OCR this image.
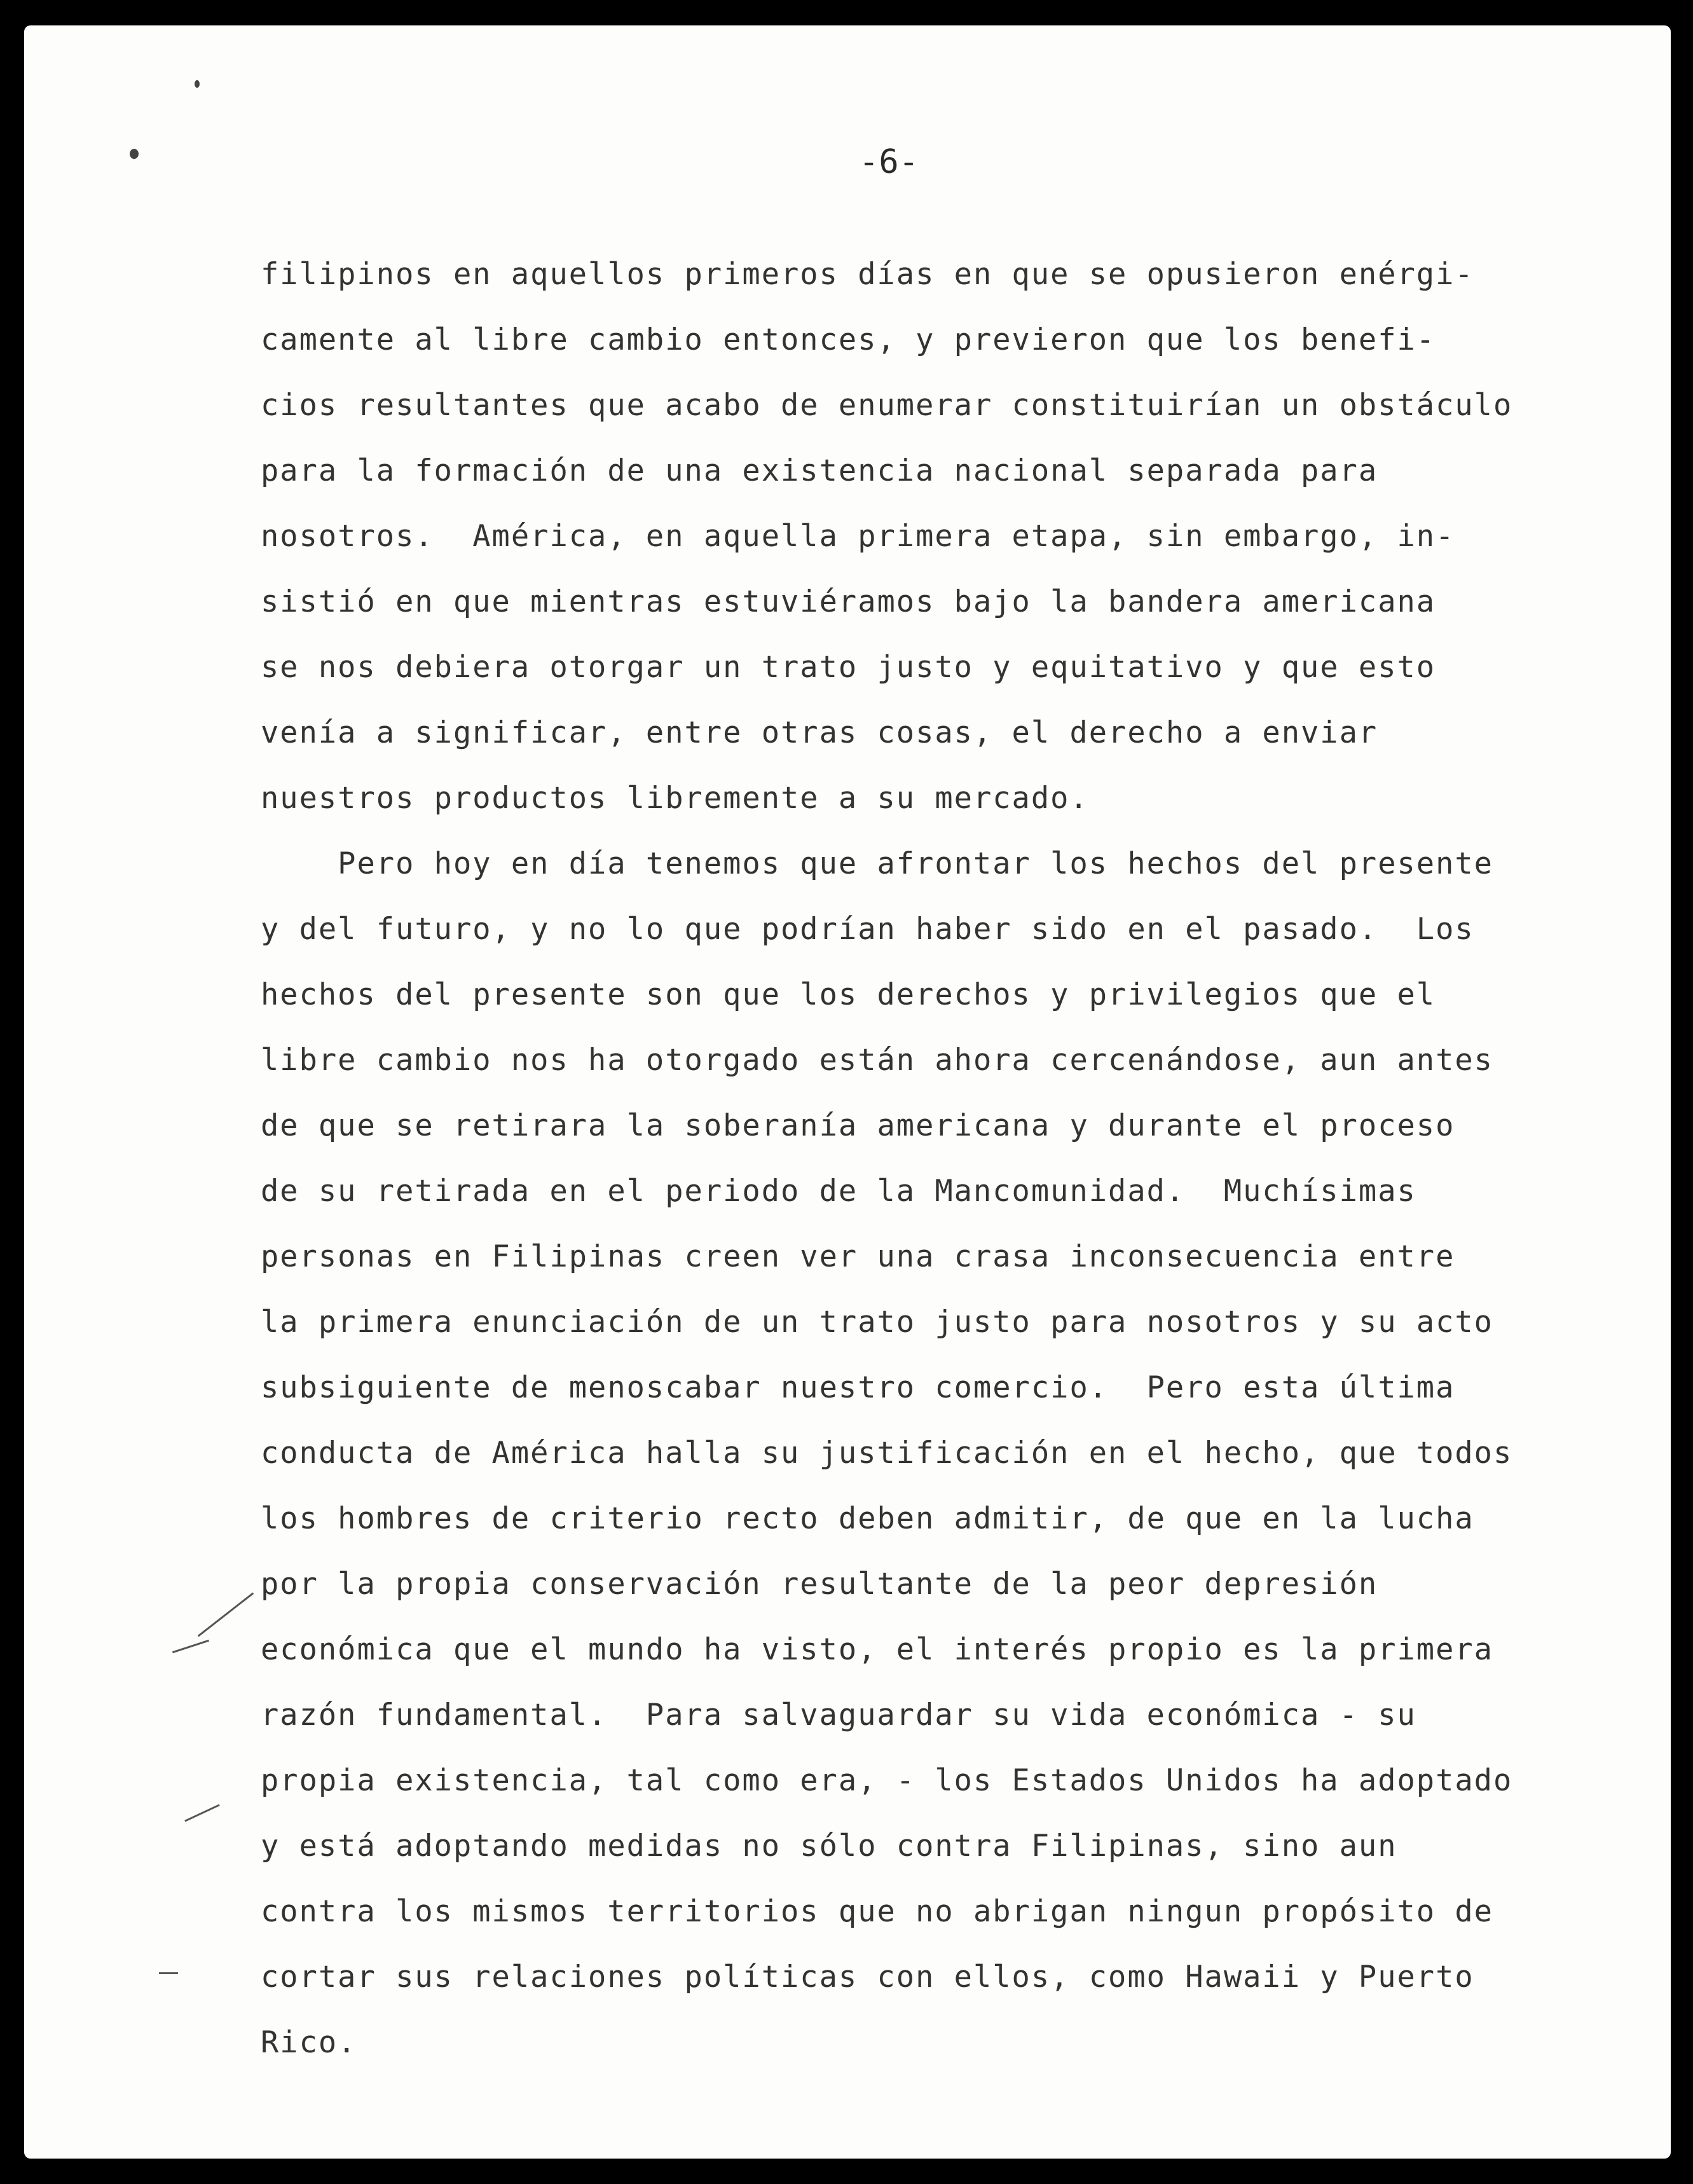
-6-

filipinos en aquellos primeros días en que se opusieron enérgi-
camente al libre cambio entonces, y previeron que los benefi-
cios resultantes que acabo de enumerar constituirían un obstáculo
para la formación de una existencia nacional separada para
nosotros.  América, en aquella primera etapa, sin embargo, in-
sistió en que mientras estuviéramos bajo la bandera americana
se nos debiera otorgar un trato justo y equitativo y que esto
venía a significar, entre otras cosas, el derecho a enviar
nuestros productos libremente a su mercado.
Pero hoy en día tenemos que afrontar los hechos del presente
y del futuro, y no lo que podrían haber sido en el pasado.  Los
hechos del presente son que los derechos y privilegios que el
libre cambio nos ha otorgado están ahora cercenándose, aun antes
de que se retirara la soberanía americana y durante el proceso
de su retirada en el periodo de la Mancomunidad.  Muchísimas
personas en Filipinas creen ver una crasa inconsecuencia entre
la primera enunciación de un trato justo para nosotros y su acto
subsiguiente de menoscabar nuestro comercio.  Pero esta última
conducta de América halla su justificación en el hecho, que todos
los hombres de criterio recto deben admitir, de que en la lucha
por la propia conservación resultante de la peor depresión
económica que el mundo ha visto, el interés propio es la primera
razón fundamental.  Para salvaguardar su vida económica - su
propia existencia, tal como era, - los Estados Unidos ha adoptado
y está adoptando medidas no sólo contra Filipinas, sino aun
contra los mismos territorios que no abrigan ningun propósito de
cortar sus relaciones políticas con ellos, como Hawaii y Puerto
Rico.
